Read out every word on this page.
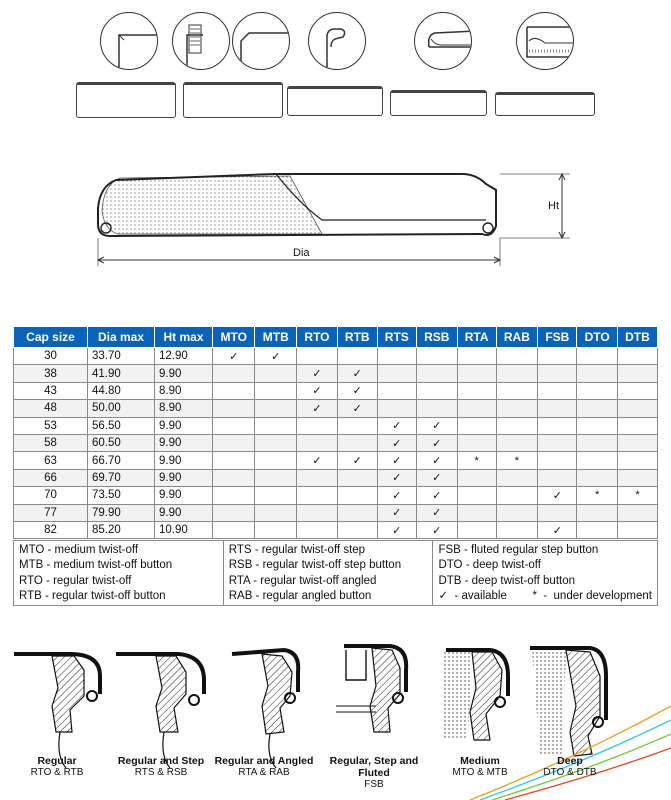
Ht
Dia
Cap size	Dia max	Ht max	MTO	MTB	RTO	RTB	RTS	RSB	RTA	RAB	FSB	DTO	DTB
30	33.70	12.90	✓	✓									
38	41.90	9.90			✓	✓							
43	44.80	8.90			✓	✓							
48	50.00	8.90			✓	✓							
53	56.50	9.90					✓	✓					
58	60.50	9.90					✓	✓					
63	66.70	9.90			✓	✓	✓	✓	*	*			
66	69.70	9.90					✓	✓					
70	73.50	9.90					✓	✓			✓	*	*
77	79.90	9.90					✓	✓					
82	85.20	10.90					✓	✓			✓		
MTO - medium twist-off
MTB - medium twist-off button
RTO - regular twist-off
RTB - regular twist-off button
RTS - regular twist-off step
RSB - regular twist-off step button
RTA - regular twist-off angled
RAB - regular angled button
FSB - fluted regular step button
DTO - deep twist-off
DTB - deep twist-off button
✓  - available        *  -  under development
Regular
RTO & RTB
Regular and Step
RTS & RSB
Regular and Angled
RTA & RAB
Regular, Step and Fluted
FSB
Medium
MTO & MTB
Deep
DTO & DTB
